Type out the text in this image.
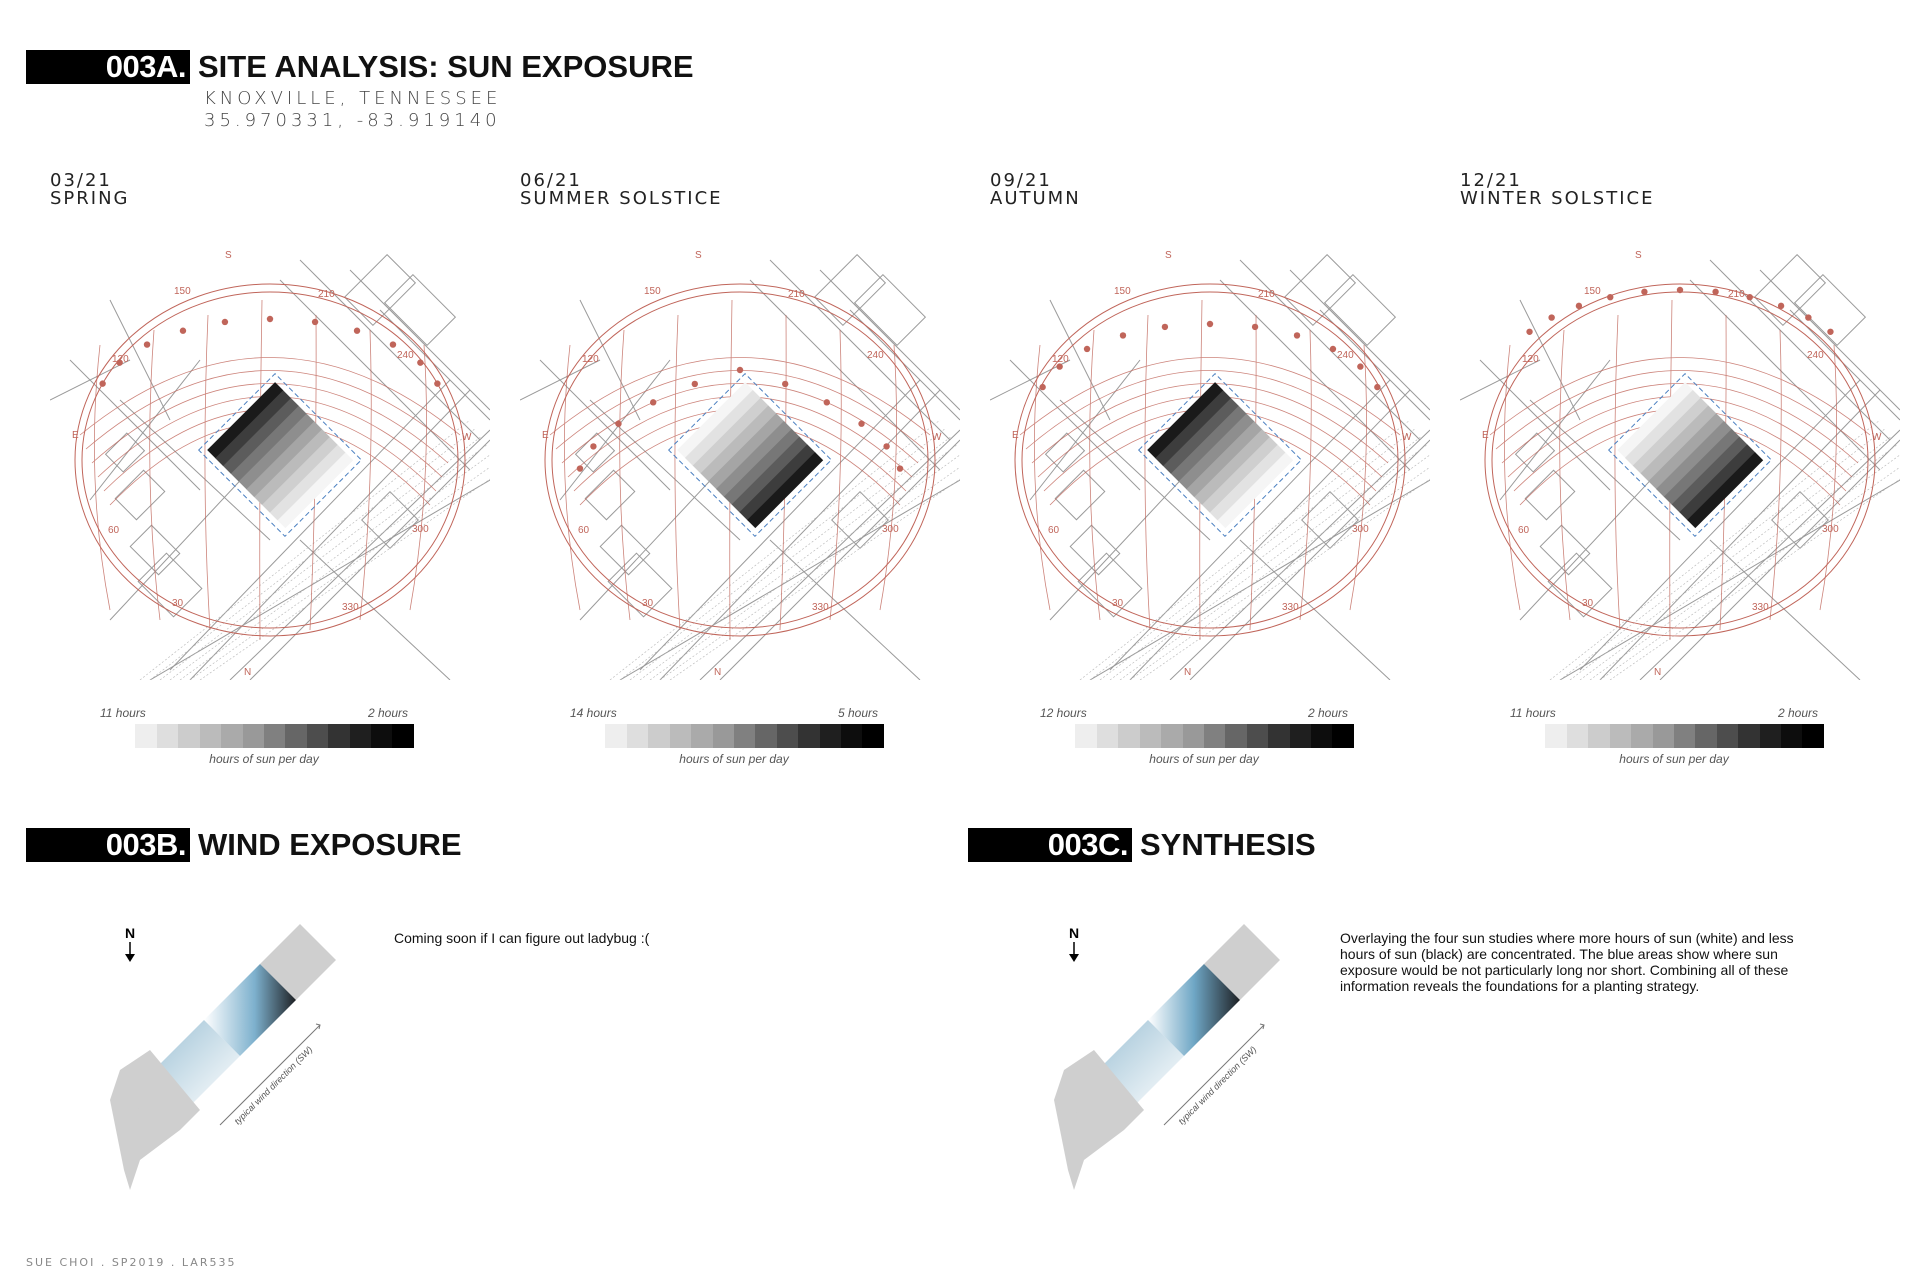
003A. SITE ANALYSIS: SUN EXPOSURE
KNOXVILLE, TENNESSEE
35.970331, -83.919140
03/21
SPRING
06/21
SUMMER SOLSTICE
09/21
AUTUMN
12/21
WINTER SOLSTICE
S
N
E	W
150	210
120	240
60	300
30	330
S
N
E	W
150	210
120	240
60	300
30	330
S
N
E	W
150	210
120	240
60	300
30	330
S
N
E	W
150	210
120	240
60	300
30	330
11 hours	2 hours
hours of sun per day
14 hours	5 hours
hours of sun per day
12 hours	2 hours
hours of sun per day
11 hours	2 hours
hours of sun per day
003B. WIND EXPOSURE	003C. SYNTHESIS
N
typical wind direction (SW)
Coming soon if I can figure out ladybug :(	N
typical wind direction (SW)
Overlaying the four sun studies where more hours of sun (white) and less hours of sun (black) are concentrated. The blue areas show where sun exposure would be not particularly long nor short. Combining all of these information reveals the foundations for a planting strategy.
SUE CHOI . SP2019 . LAR535
